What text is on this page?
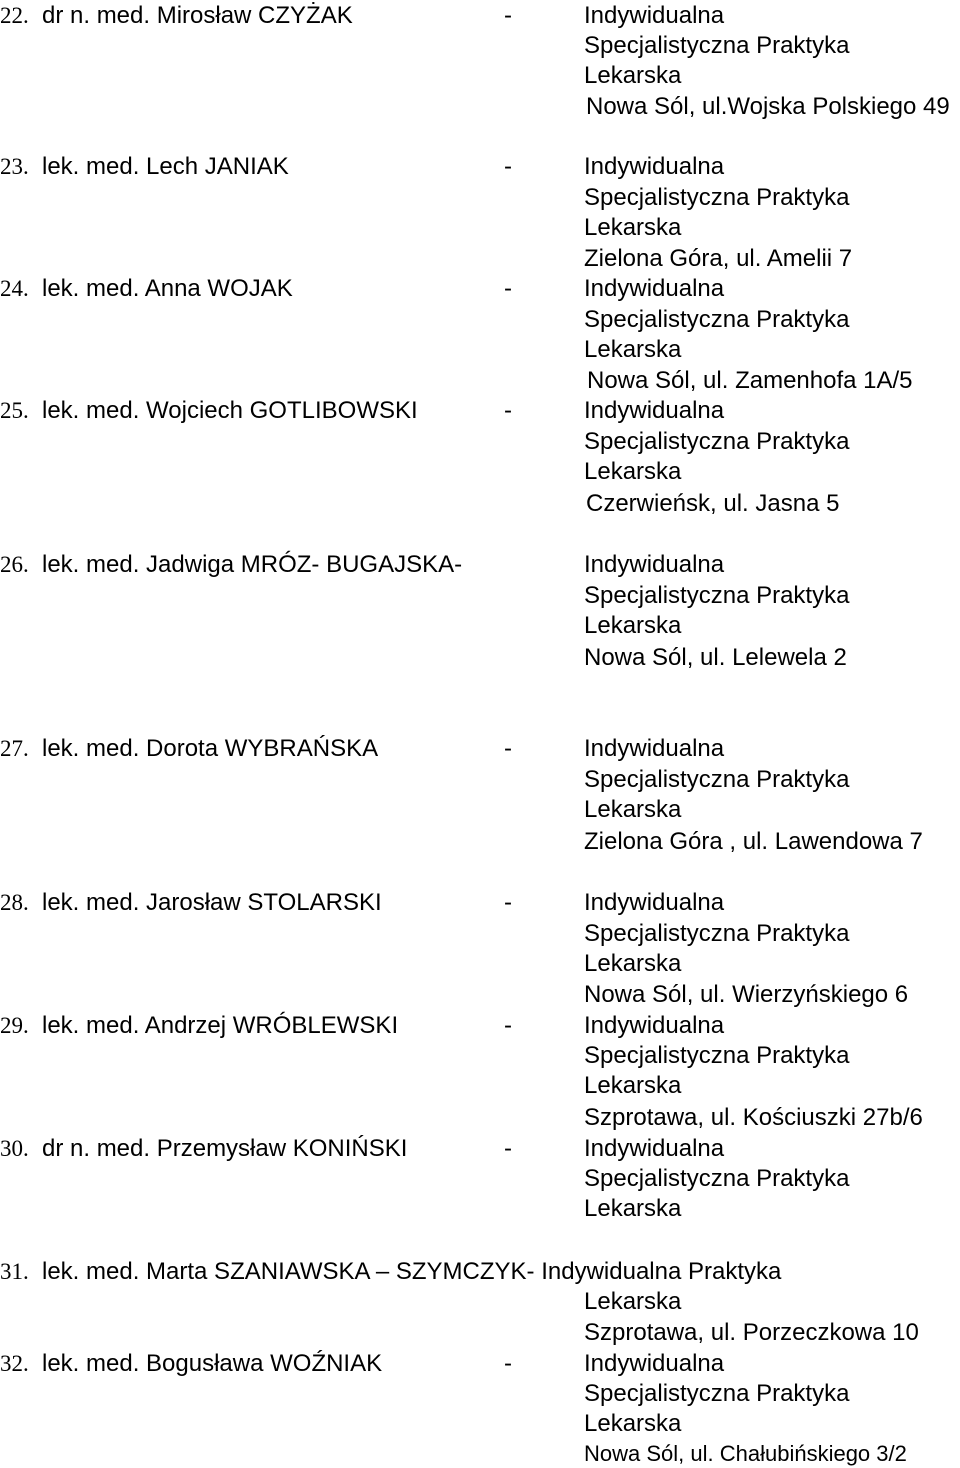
22. dr n. med. Mirosław CZYŻAK	-	Indywidualna
Specjalistyczna Praktyka
Lekarska
Nowa Sól, ul.Wojska Polskiego 49
23. lek. med. Lech JANIAK	-	Indywidualna
Specjalistyczna Praktyka
Lekarska
Zielona Góra, ul. Amelii 7
24. lek. med. Anna WOJAK	-	Indywidualna
Specjalistyczna Praktyka
Lekarska
Nowa Sól, ul. Zamenhofa 1A/5
25. lek. med. Wojciech GOTLIBOWSKI	-	Indywidualna
Specjalistyczna Praktyka
Lekarska
Czerwieńsk, ul. Jasna 5
26. lek. med. Jadwiga MRÓZ- BUGAJSKA-	Indywidualna
Specjalistyczna Praktyka
Lekarska
Nowa Sól, ul. Lelewela 2
27. lek. med. Dorota WYBRAŃSKA	-	Indywidualna
Specjalistyczna Praktyka
Lekarska
Zielona Góra , ul. Lawendowa 7
28. lek. med. Jarosław STOLARSKI	-	Indywidualna
Specjalistyczna Praktyka
Lekarska
Nowa Sól, ul. Wierzyńskiego 6
29. lek. med. Andrzej WRÓBLEWSKI	-	Indywidualna
Specjalistyczna Praktyka
Lekarska
Szprotawa, ul. Kościuszki 27b/6
30. dr n. med. Przemysław KONIŃSKI	-	Indywidualna
Specjalistyczna Praktyka
Lekarska
31. lek. med. Marta SZANIAWSKA – SZYMCZYK- Indywidualna Praktyka
Lekarska
Szprotawa, ul. Porzeczkowa 10
32. lek. med. Bogusława WOŹNIAK	-	Indywidualna
Specjalistyczna Praktyka
Lekarska
Nowa Sól, ul. Chałubińskiego 3/2
